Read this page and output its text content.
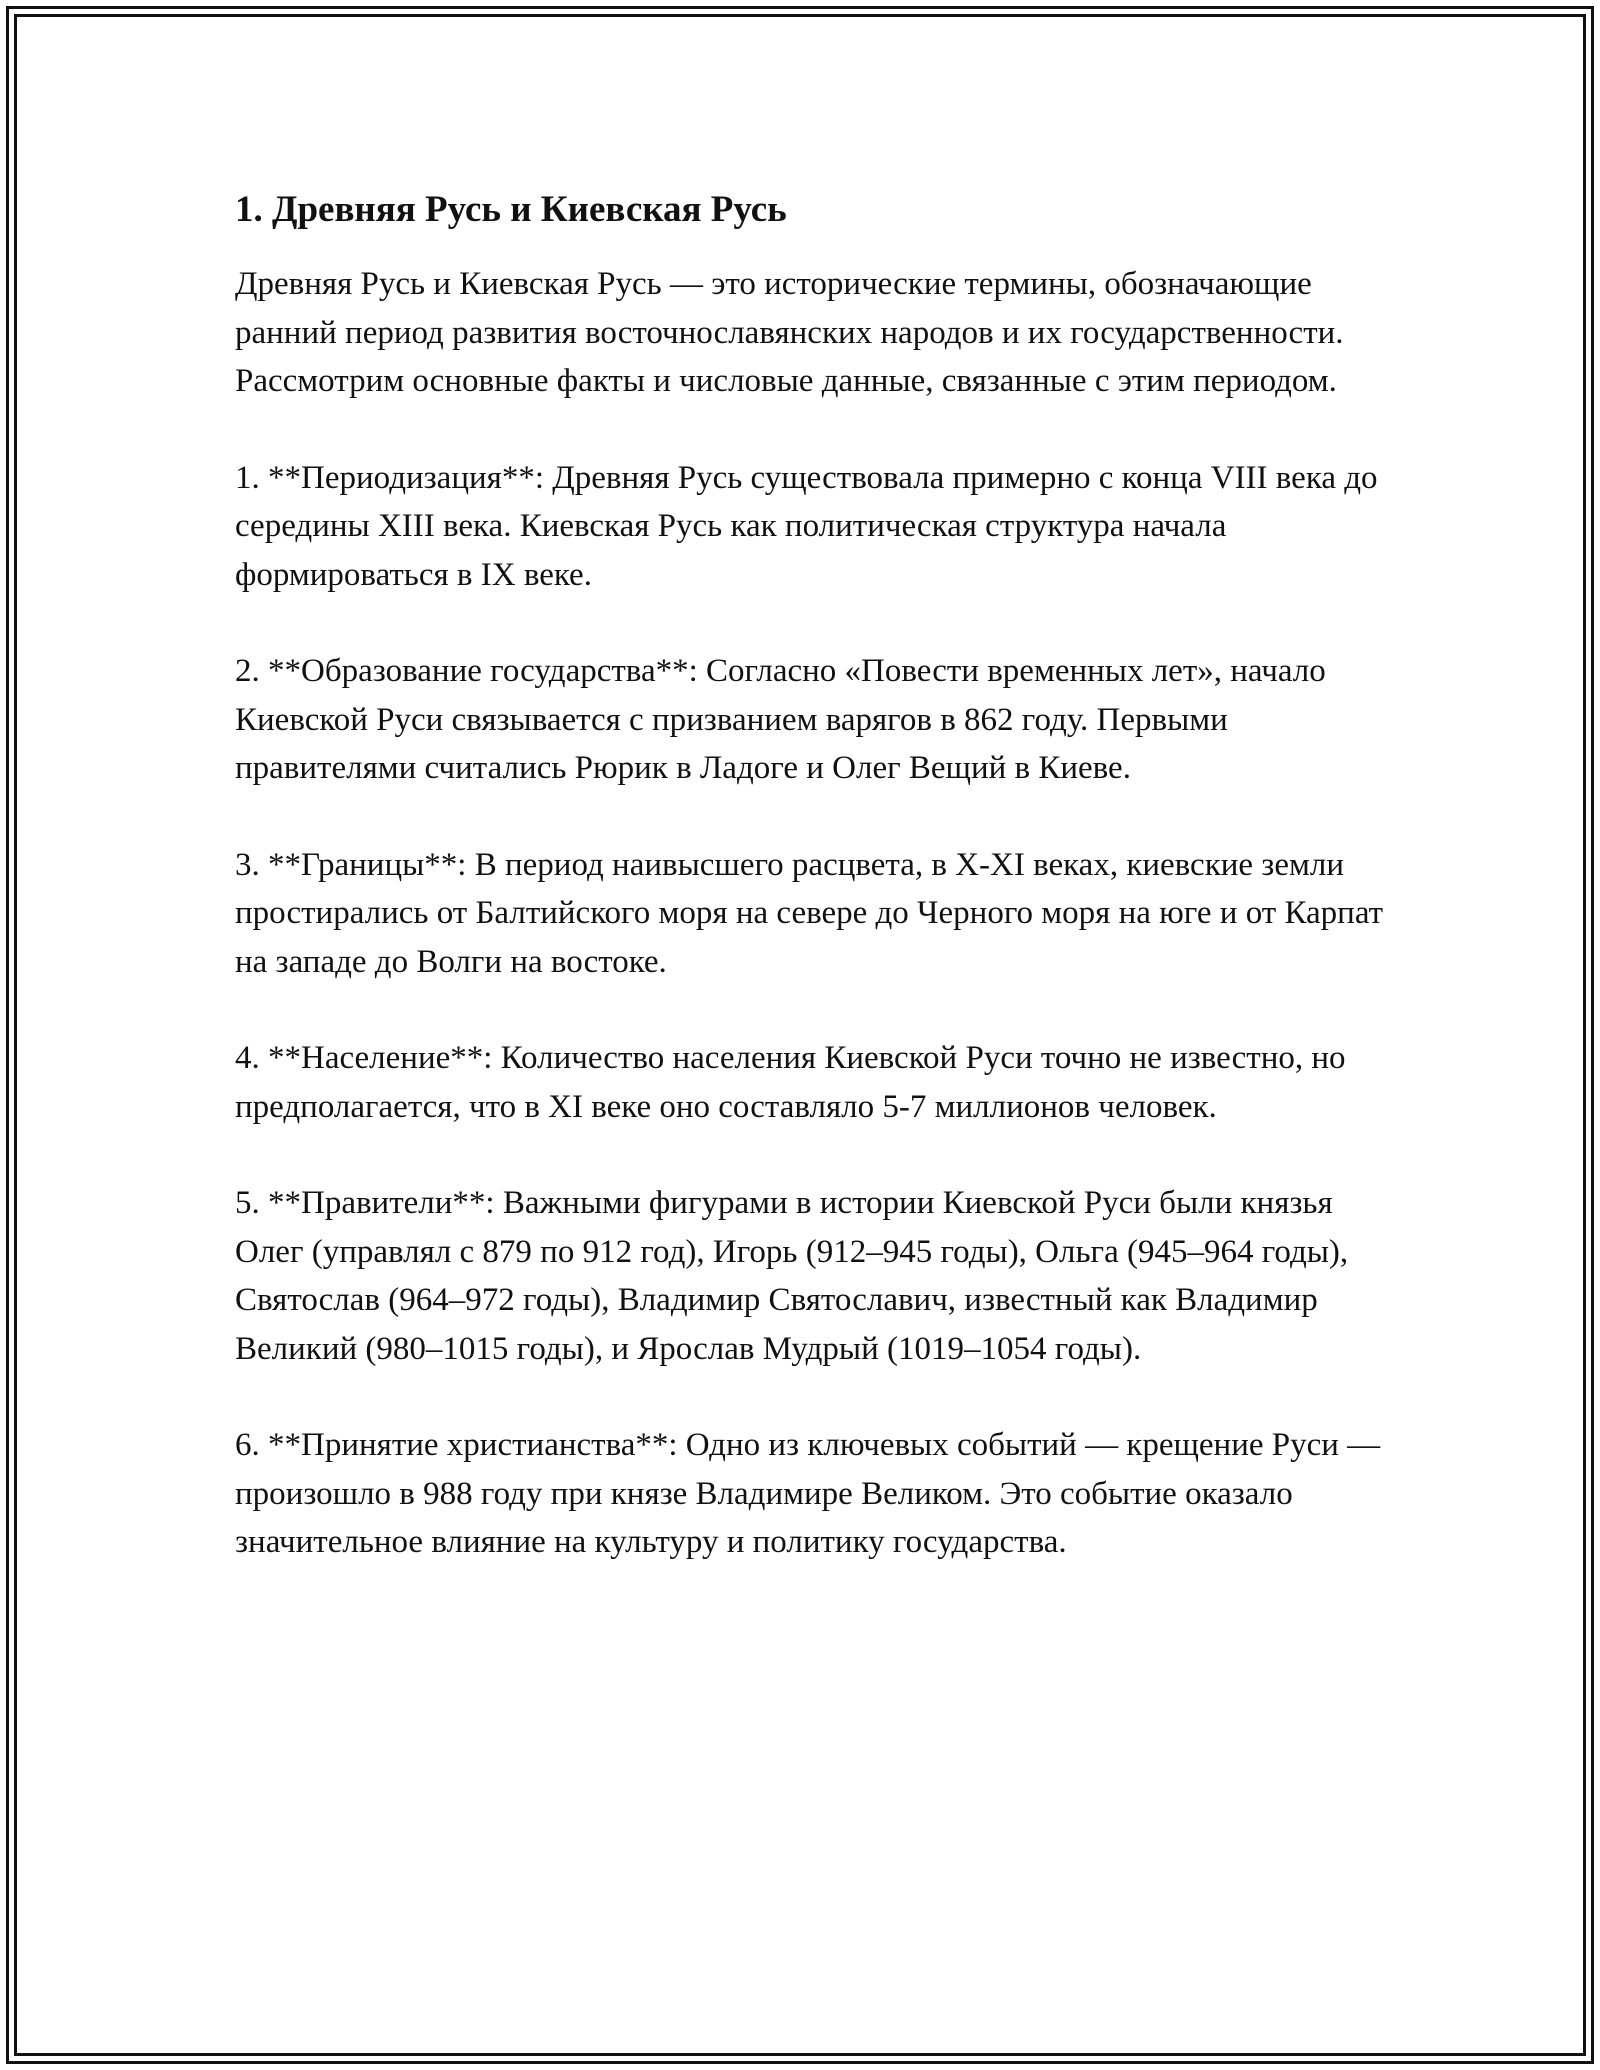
1. Древняя Русь и Киевская Русь

Древняя Русь и Киевская Русь — это исторические термины, обозначающие ранний период развития восточнославянских народов и их государственности. Рассмотрим основные факты и числовые данные, связанные с этим периодом.

1. **Периодизация**: Древняя Русь существовала примерно с конца VIII века до середины XIII века. Киевская Русь как политическая структура начала формироваться в IX веке.

2. **Образование государства**: Согласно «Повести временных лет», начало Киевской Руси связывается с призванием варягов в 862 году. Первыми правителями считались Рюрик в Ладоге и Олег Вещий в Киеве.

3. **Границы**: В период наивысшего расцвета, в X-XI веках, киевские земли простирались от Балтийского моря на севере до Черного моря на юге и от Карпат на западе до Волги на востоке.

4. **Население**: Количество населения Киевской Руси точно не известно, но предполагается, что в XI веке оно составляло 5-7 миллионов человек.

5. **Правители**: Важными фигурами в истории Киевской Руси были князья Олег (управлял с 879 по 912 год), Игорь (912–945 годы), Ольга (945–964 годы), Святослав (964–972 годы), Владимир Святославич, известный как Владимир Великий (980–1015 годы), и Ярослав Мудрый (1019–1054 годы).

6. **Принятие христианства**: Одно из ключевых событий — крещение Руси — произошло в 988 году при князе Владимире Великом. Это событие оказало значительное влияние на культуру и политику государства.
